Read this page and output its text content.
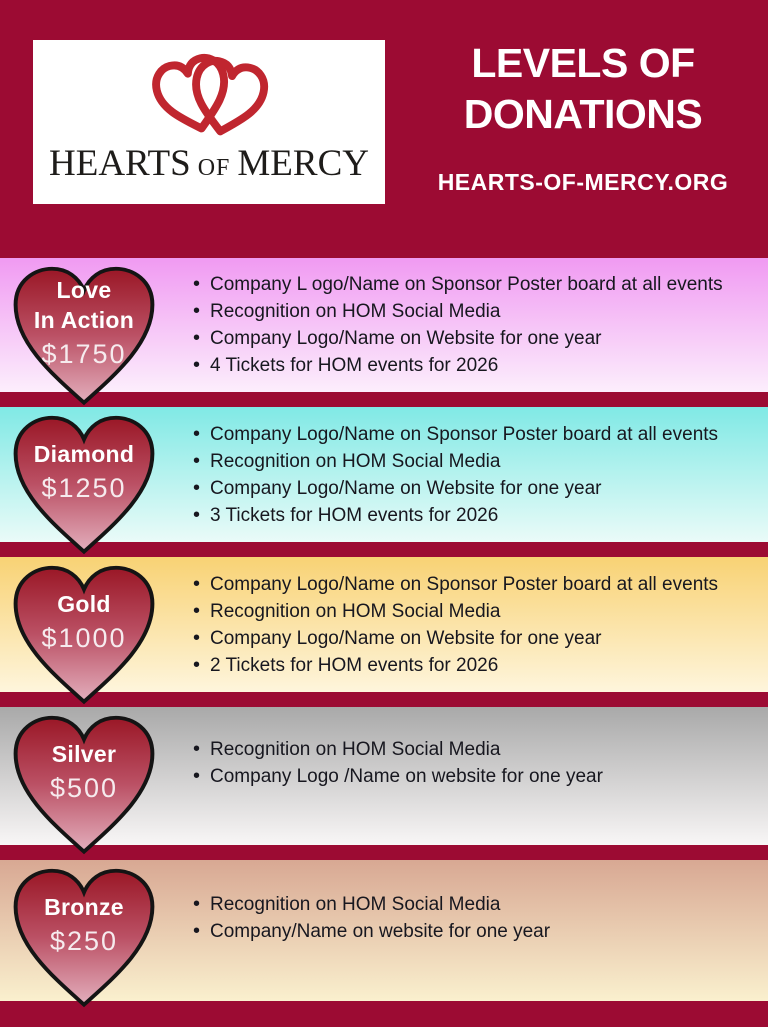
HEARTS OF MERCY
LEVELS OF
DONATIONS
HEARTS-OF-MERCY.ORG
Love
In Action
$1750
• Company L ogo/Name on Sponsor Poster board at all events
• Recognition on HOM Social Media
• Company Logo/Name on Website for one year
• 4 Tickets for HOM events for 2026
Diamond
$1250
• Company Logo/Name on Sponsor Poster board at all events
• Recognition on HOM Social Media
• Company Logo/Name on Website for one year
• 3 Tickets for HOM events for 2026
Gold
$1000
• Company Logo/Name on Sponsor Poster board at all events
• Recognition on HOM Social Media
• Company Logo/Name on Website for one year
• 2 Tickets for HOM events for 2026
Silver
$500
• Recognition on HOM Social Media
• Company Logo /Name on website for one year
Bronze
$250
• Recognition on HOM Social Media
• Company/Name on website for one year
